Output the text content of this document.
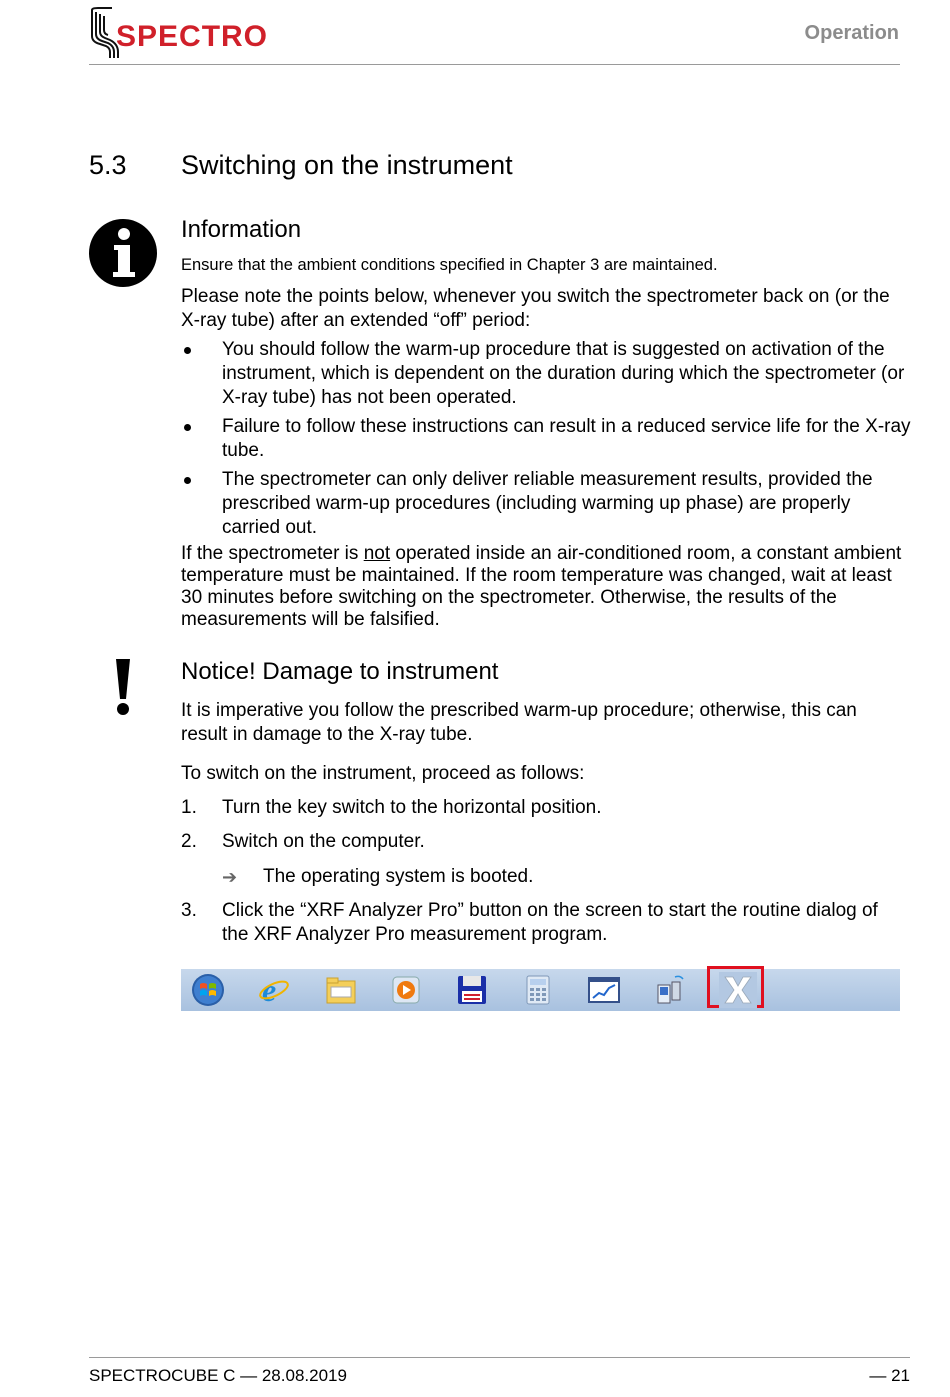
SPECTRO	Operation
5.3 Switching on the instrument
Information
Ensure that the ambient conditions specified in Chapter 3 are maintained.
Please note the points below, whenever you switch the spectrometer back on (or the X-ray tube) after an extended “off” period:
You should follow the warm-up procedure that is suggested on activation of the instrument, which is dependent on the duration during which the spectrometer (or X-ray tube) has not been operated.
Failure to follow these instructions can result in a reduced service life for the X-ray tube.
The spectrometer can only deliver reliable measurement results, provided the prescribed warm-up procedures (including warming up phase) are properly carried out.
If the spectrometer is not operated inside an air-conditioned room, a constant ambient temperature must be maintained. If the room temperature was changed, wait at least 30 minutes before switching on the spectrometer. Otherwise, the results of the measurements will be falsified.
Notice! Damage to instrument
It is imperative you follow the prescribed warm-up procedure; otherwise, this can result in damage to the X-ray tube.
To switch on the instrument, proceed as follows:
1.	Turn the key switch to the horizontal position.
2.	Switch on the computer.
➔	The operating system is booted.
3.	Click the “XRF Analyzer Pro” button on the screen to start the routine dialog of the XRF Analyzer Pro measurement program.
e
SPECTROCUBE C — 28.08.2019	— 21
